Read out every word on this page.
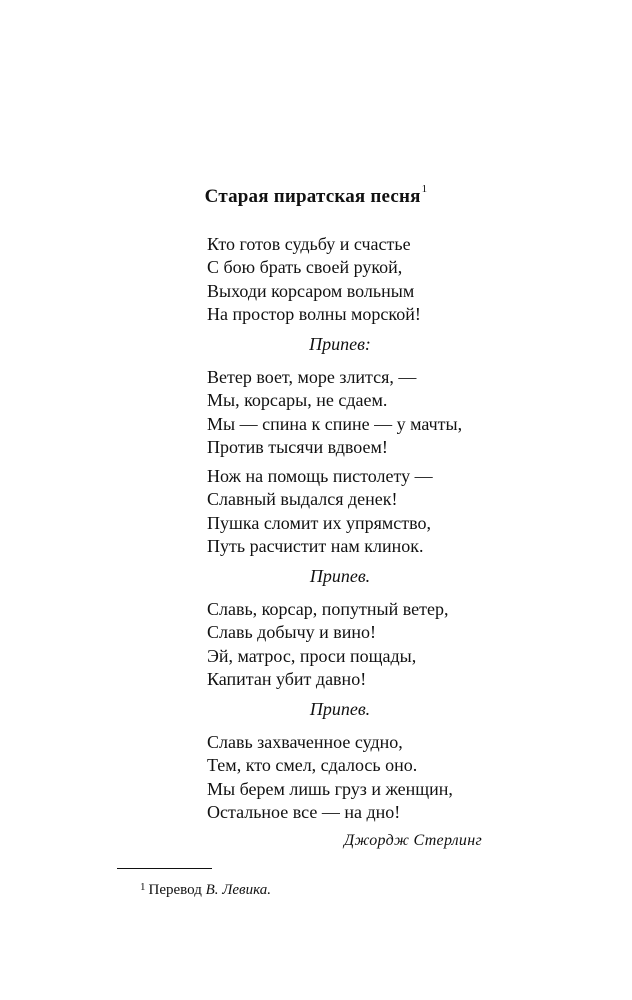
Старая пиратская песня$^1$
Кто готов судьбу и счастье
С бою брать своей рукой,
Выходи корсаром вольным
На простор волны морской!
Припев:
Ветер воет, море злится, —
Мы, корсары, не сдаем.
Мы — спина к спине — у мачты,
Против тысячи вдвоем!
Нож на помощь пистолету —
Славный выдался денек!
Пушка сломит их упрямство,
Путь расчистит нам клинок.
Припев.
Славь, корсар, попутный ветер,
Славь добычу и вино!
Эй, матрос, проси пощады,
Капитан убит давно!
Припев.
Славь захваченное судно,
Тем, кто смел, сдалось оно.
Мы берем лишь груз и женщин,
Остальное все — на дно!
Джордж Стерлинг
$^1$ Перевод В. Левика.
